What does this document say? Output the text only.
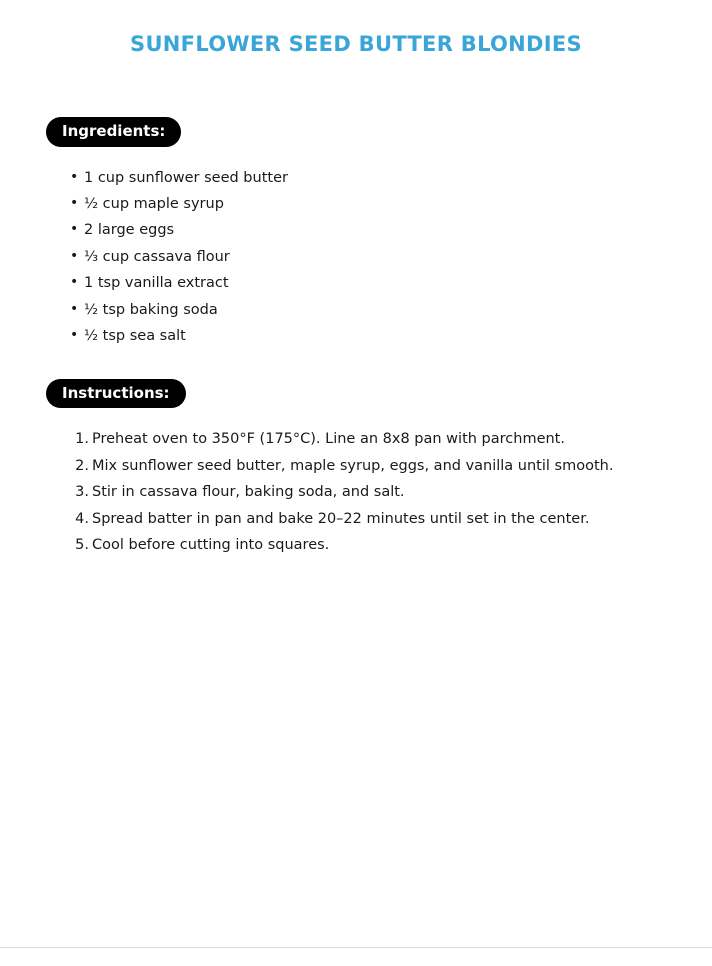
SUNFLOWER SEED BUTTER BLONDIES
Ingredients:
• 1 cup sunflower seed butter
• ½ cup maple syrup
• 2 large eggs
• ⅓ cup cassava flour
• 1 tsp vanilla extract
• ½ tsp baking soda
• ½ tsp sea salt
Instructions:
Preheat oven to 350°F (175°C). Line an 8x8 pan with parchment.
Mix sunflower seed butter, maple syrup, eggs, and vanilla until smooth.
Stir in cassava flour, baking soda, and salt.
Spread batter in pan and bake 20–22 minutes until set in the center.
Cool before cutting into squares.
